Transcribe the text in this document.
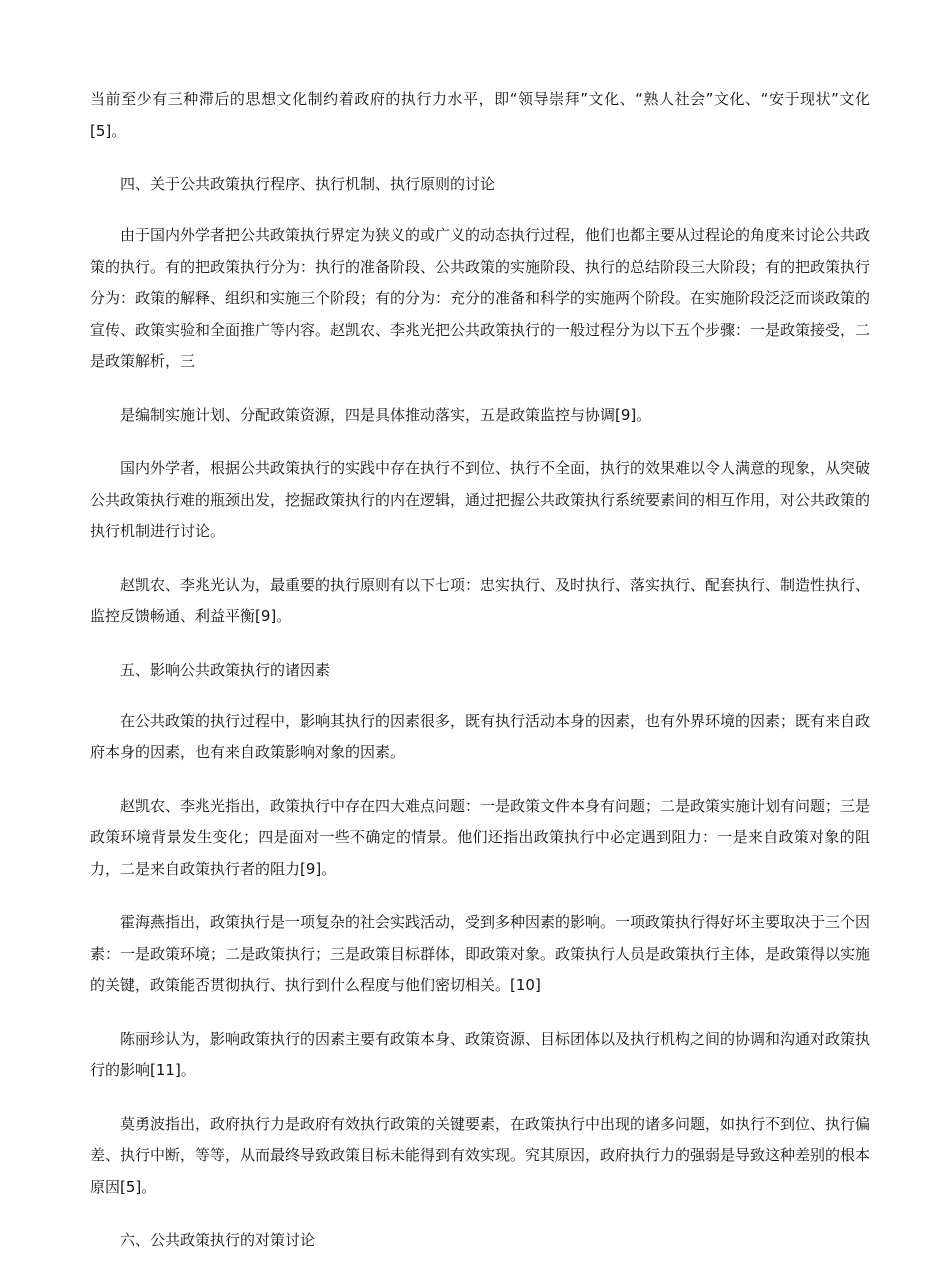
当前至少有三种滞后的思想文化制约着政府的执行力水平，即“领导崇拜”文化、“熟人社会”文化、“安于现状”文化[5]。

四、关于公共政策执行程序、执行机制、执行原则的讨论

由于国内外学者把公共政策执行界定为狭义的或广义的动态执行过程，他们也都主要从过程论的角度来讨论公共政策的执行。有的把政策执行分为：执行的准备阶段、公共政策的实施阶段、执行的总结阶段三大阶段；有的把政策执行分为：政策的解释、组织和实施三个阶段；有的分为：充分的准备和科学的实施两个阶段。在实施阶段泛泛而谈政策的宣传、政策实验和全面推广等内容。赵凯农、李兆光把公共政策执行的一般过程分为以下五个步骤：一是政策接受，二是政策解析，三

是编制实施计划、分配政策资源，四是具体推动落实，五是政策监控与协调[9]。

国内外学者，根据公共政策执行的实践中存在执行不到位、执行不全面，执行的效果难以令人满意的现象，从突破公共政策执行难的瓶颈出发，挖掘政策执行的内在逻辑，通过把握公共政策执行系统要素间的相互作用，对公共政策的执行机制进行讨论。

赵凯农、李兆光认为，最重要的执行原则有以下七项：忠实执行、及时执行、落实执行、配套执行、制造性执行、监控反馈畅通、利益平衡[9]。

五、影响公共政策执行的诸因素

在公共政策的执行过程中，影响其执行的因素很多，既有执行活动本身的因素，也有外界环境的因素；既有来自政府本身的因素，也有来自政策影响对象的因素。

赵凯农、李兆光指出，政策执行中存在四大难点问题：一是政策文件本身有问题；二是政策实施计划有问题；三是政策环境背景发生变化；四是面对一些不确定的情景。他们还指出政策执行中必定遇到阻力：一是来自政策对象的阻力，二是来自政策执行者的阻力[9]。

霍海燕指出，政策执行是一项复杂的社会实践活动，受到多种因素的影响。一项政策执行得好坏主要取决于三个因素：一是政策环境；二是政策执行；三是政策目标群体，即政策对象。政策执行人员是政策执行主体，是政策得以实施的关键，政策能否贯彻执行、执行到什么程度与他们密切相关。[10]

陈丽珍认为，影响政策执行的因素主要有政策本身、政策资源、目标团体以及执行机构之间的协调和沟通对政策执行的影响[11]。

莫勇波指出，政府执行力是政府有效执行政策的关键要素，在政策执行中出现的诸多问题，如执行不到位、执行偏差、执行中断，等等，从而最终导致政策目标未能得到有效实现。究其原因，政府执行力的强弱是导致这种差别的根本原因[5]。

六、公共政策执行的对策讨论
